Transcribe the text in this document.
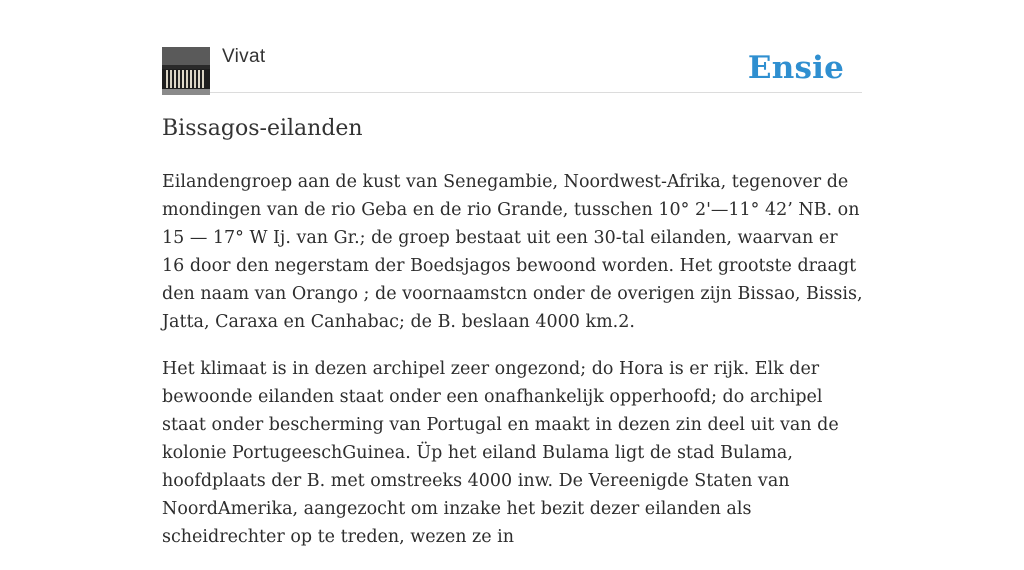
Vivat	Ensie
Bissagos-eilanden

Eilandengroep aan de kust van Senegambie, Noordwest-Afrika, tegenover de mondingen van de rio Geba en de rio Grande, tusschen 10° 2'—11° 42’ NB. on 15 — 17° W Ij. van Gr.; de groep bestaat uit een 30-tal eilanden, waarvan er 16 door den negerstam der Boedsjagos bewoond worden. Het grootste draagt den naam van Orango ; de voornaamstcn onder de overigen zijn Bissao, Bissis, Jatta, Caraxa en Canhabac; de B. beslaan 4000 km.2.

Het klimaat is in dezen archipel zeer ongezond; do Hora is er rijk. Elk der bewoonde eilanden staat onder een onafhankelijk opperhoofd; do archipel staat onder bescherming van Portugal en maakt in dezen zin deel uit van de kolonie PortugeeschGuinea. Üp het eiland Bulama ligt de stad Bulama, hoofdplaats der B. met omstreeks 4000 inw. De Vereenigde Staten van NoordAmerika, aangezocht om inzake het bezit dezer eilanden als scheidrechter op te treden, wezen ze in
